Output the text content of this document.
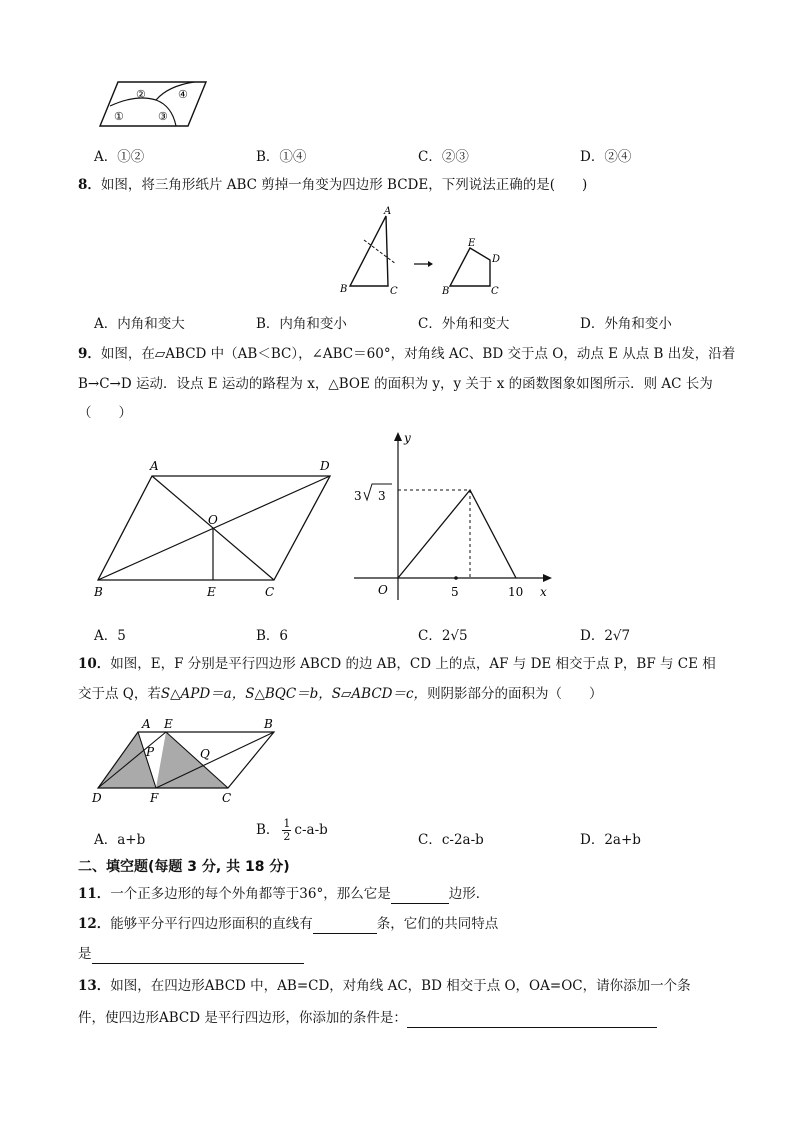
①
②
③
④
A．①②	B．①④	C．②③	D．②④
8．如图，将三角形纸片 ABC 剪掉一角变为四边形 BCDE，下列说法正确的是(　　)
A
B	C
E
D
B	C
A．内角和变大	B．内角和变小	C．外角和变大	D．外角和变小
9．如图，在▱ABCD 中（AB＜BC），∠ABC＝60°，对角线 AC、BD 交于点 O，动点 E 从点 B 出发，沿着
B→C→D 运动．设点 E 运动的路程为 x，△BOE 的面积为 y，y 关于 x 的函数图象如图所示．则 AC 长为
（　　）
A	D
O
B	E	C
y
x
O
3 3
5	10
A．5	B．6	C．2√5	D．2√7
10．如图，E，F 分别是平行四边形 ABCD 的边 AB，CD 上的点，AF 与 DE 相交于点 P，BF 与 CE 相
交于点 Q，若S△APD＝a，S△BQC＝b，S▱ABCD＝c，则阴影部分的面积为（　　）
A E	B
P	Q
D	F	C
A．a+b
B． $\frac{1}{2} c-a-b$
C．c-2a-b	D．2a+b
二、填空题(每题 3 分, 共 18 分)
11．一个正多边形的每个外角都等于36°，那么它是	边形．
12．能够平分平行四边形面积的直线有	条，它们的共同特点
是
13．如图，在四边形ABCD 中，AB=CD，对角线 AC，BD 相交于点 O，OA=OC，请你添加一个条
件，使四边形ABCD 是平行四边形，你添加的条件是：
